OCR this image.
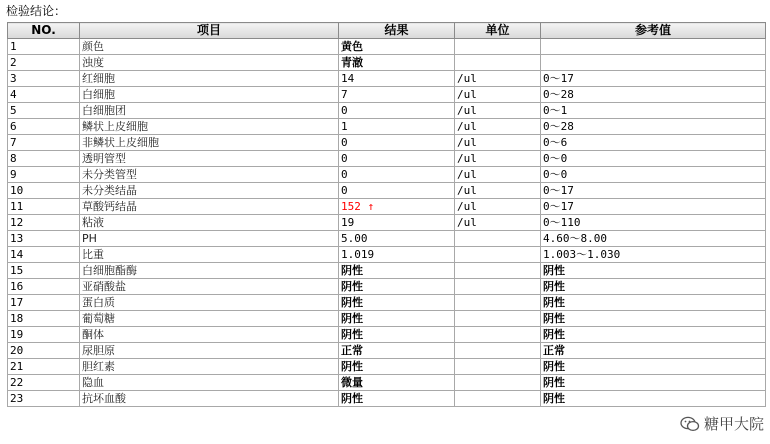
检验结论：
NO.	项目	结果	单位	参考值
1	颜色	黄色		
2	浊度	青澈		
3	红细胞	14	/ul	0～17
4	白细胞	7	/ul	0～28
5	白细胞团	0	/ul	0～1
6	鳞状上皮细胞	1	/ul	0～28
7	非鳞状上皮细胞	0	/ul	0～6
8	透明管型	0	/ul	0～0
9	未分类管型	0	/ul	0～0
10	未分类结晶	0	/ul	0～17
11	草酸钙结晶	152 ↑	/ul	0～17
12	粘液	19	/ul	0～110
13	PH	5.00		4.60～8.00
14	比重	1.019		1.003～1.030
15	白细胞酯酶	阴性		阴性
16	亚硝酸盐	阴性		阴性
17	蛋白质	阴性		阴性
18	葡萄糖	阴性		阴性
19	酮体	阴性		阴性
20	尿胆原	正常		正常
21	胆红素	阴性		阴性
22	隐血	微量		阴性
23	抗坏血酸	阴性		阴性
糖甲大院
